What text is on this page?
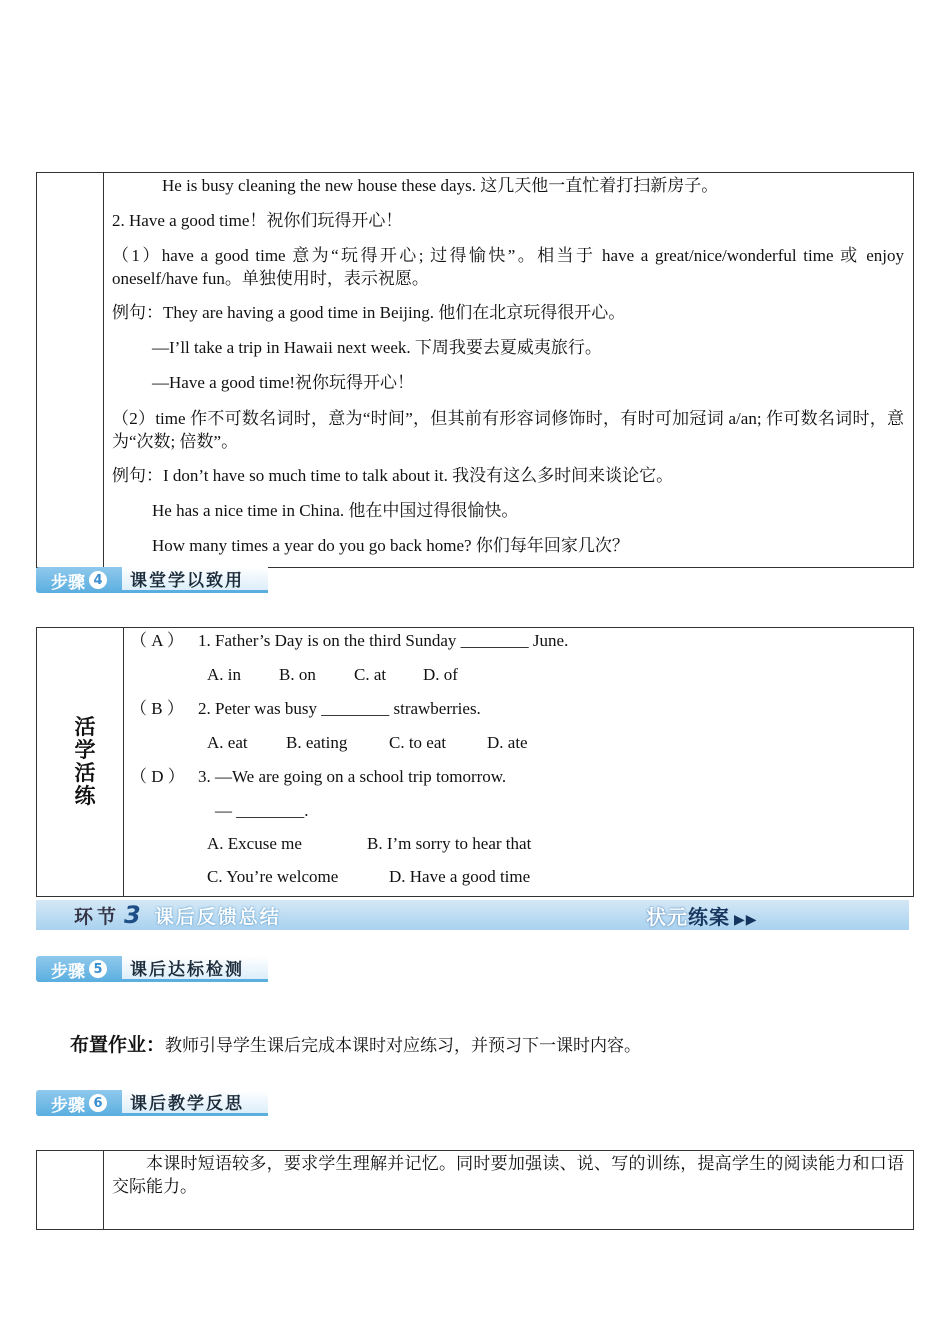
He is busy cleaning the new house these days. 这几天他一直忙着打扫新房子。
2. Have a good time！祝你们玩得开心！
（1）have a good time 意为“玩得开心; 过得愉快”。相当于 have a great/nice/wonderful time 或 enjoy oneself/have fun。单独使用时，表示祝愿。
例句：They are having a good time in Beijing. 他们在北京玩得很开心。
—I’ll take a trip in Hawaii next week. 下周我要去夏威夷旅行。
—Have a good time!祝你玩得开心！
（2）time 作不可数名词时，意为“时间”，但其前有形容词修饰时，有时可加冠词 a/an; 作可数名词时，意为“次数; 倍数”。
例句：I don’t have so much time to talk about it. 我没有这么多时间来谈论它。
He has a nice time in China. 他在中国过得很愉快。
How many times a year do you go back home? 你们每年回家几次？
步骤 4	课堂学以致用
活学活练
（ A ） 1. Father’s Day is on the third Sunday ________ June.
A. in B. on C. at D. of
（ B ） 2. Peter was busy ________ strawberries.
A. eat B. eating C. to eat D. ate
（ D ） 3. —We are going on a school trip tomorrow.
— ________.
A. Excuse me	B. I’m sorry to hear that
C. You’re welcome	D. Have a good time
环节 3 课后反馈总结	状元练案 ▶▶
步骤 5	课后达标检测
布置作业：教师引导学生课后完成本课时对应练习，并预习下一课时内容。
步骤 6	课后教学反思
本课时短语较多，要求学生理解并记忆。同时要加强读、说、写的训练，提高学生的阅读能力和口语交际能力。
